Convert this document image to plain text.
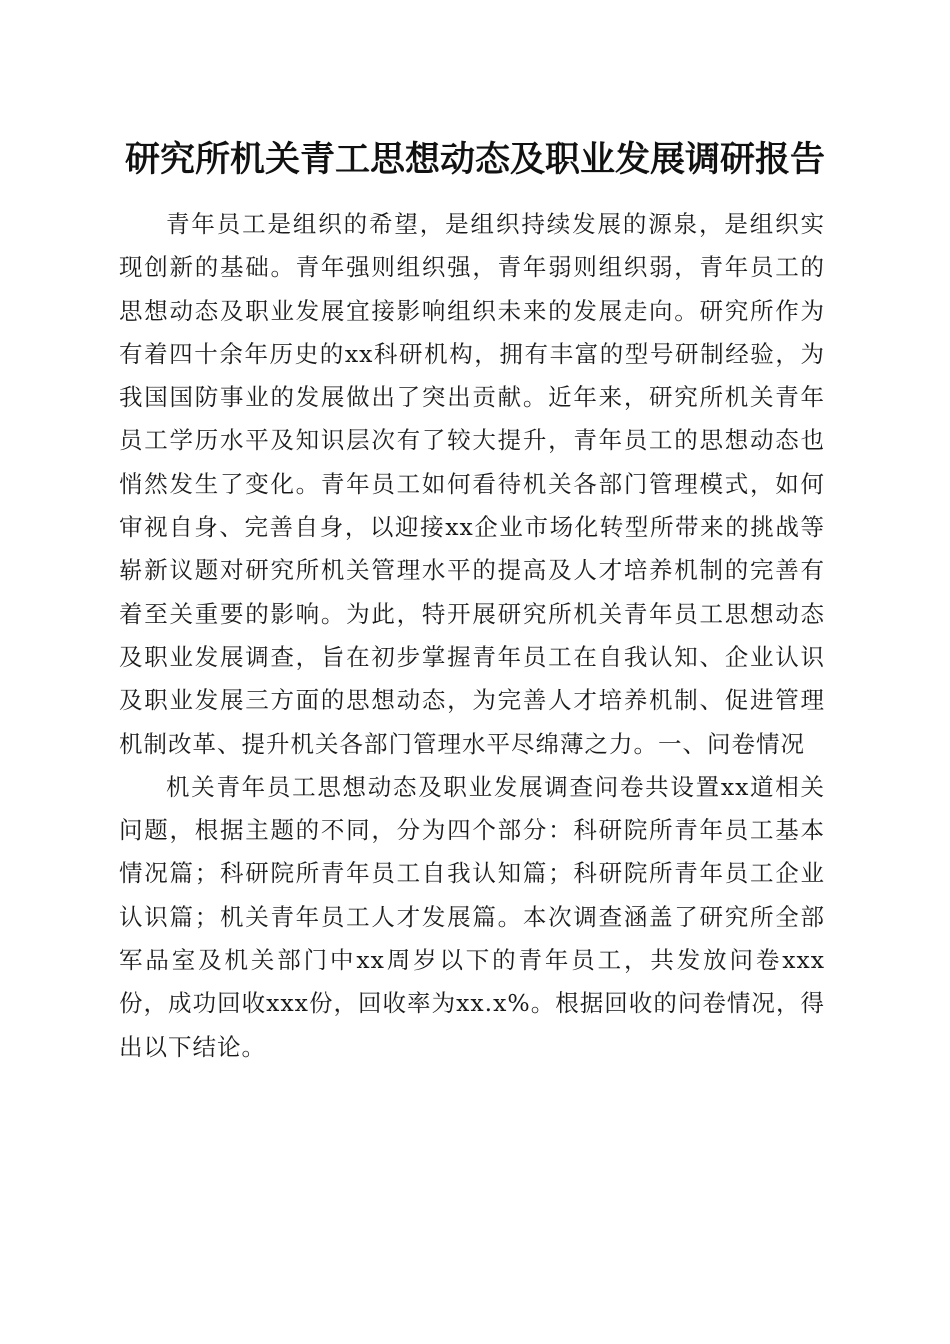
研究所机关青工思想动态及职业发展调研报告

青年员工是组织的希望，是组织持续发展的源泉，是组织实现创新的基础。青年强则组织强，青年弱则组织弱，青年员工的思想动态及职业发展宜接影响组织未来的发展走向。研究所作为有着四十余年历史的xx科研机构，拥有丰富的型号研制经验，为我国国防事业的发展做出了突出贡献。近年来，研究所机关青年员工学历水平及知识层次有了较大提升，青年员工的思想动态也悄然发生了变化。青年员工如何看待机关各部门管理模式，如何审视自身、完善自身，以迎接xx企业市场化转型所带来的挑战等崭新议题对研究所机关管理水平的提高及人才培养机制的完善有着至关重要的影响。为此，特开展研究所机关青年员工思想动态及职业发展调查，旨在初步掌握青年员工在自我认知、企业认识及职业发展三方面的思想动态，为完善人才培养机制、促进管理机制改革、提升机关各部门管理水平尽绵薄之力。一、问卷情况

机关青年员工思想动态及职业发展调查问卷共设置xx道相关问题，根据主题的不同，分为四个部分：科研院所青年员工基本情况篇；科研院所青年员工自我认知篇；科研院所青年员工企业认识篇；机关青年员工人才发展篇。本次调查涵盖了研究所全部军品室及机关部门中xx周岁以下的青年员工，共发放问卷xxx份，成功回收xxx份，回收率为xx.x%。根据回收的问卷情况，得出以下结论。
